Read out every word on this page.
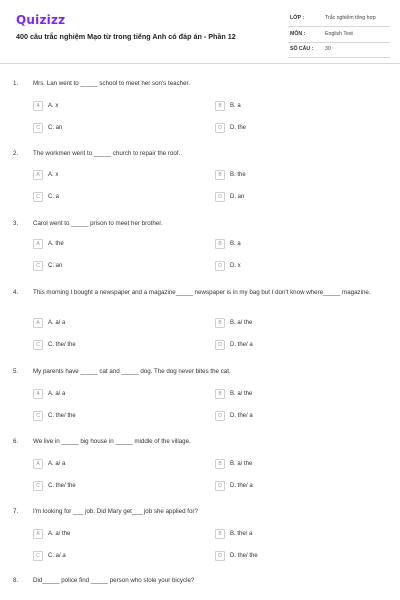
Quizizz
400 câu trắc nghiệm Mạo từ trong tiếng Anh có đáp án - Phần 12
LỚP :	Trắc nghiệm tổng hợp
MÔN :	English Test
SỐ CÂU : 30
1. Mrs. Lan went to _____ school to meet her son's teacher.
A	A. x	B	B. a
C	C. an	D	D. the
2. The workmen went to _____ church to repair the roof.
A	A. x	B	B. the
C	C. a	D	D. an
3. Carol went to _____ prison to meet her brother.
A	A. the	B	B. a
C	C. an	D	D. x
4. This morning I bought a newspaper and a magazine_____ newspaper is in my bag but I don't know where_____ magazine.
A	A. a/ a	B	B. a/ the
C	C. the/ the	D	D. the/ a
5. My parents have _____ cat and _____ dog. The dog never bites the cat.
A	A. a/ a	B	B. a/ the
C	C. the/ the	D	D. the/ a
6. We live in _____ big house in _____ middle of the village.
A	A. a/ a	B	B. a/ the
C	C. the/ the	D	D. the/ a
7. I'm looking for ___ job. Did Mary get___ job she applied for?
A	A. a/ the	B	B. the/ a
C	C. a/ a	D	D. the/ the
8. Did_____ police find _____ person who stole your bicycle?
